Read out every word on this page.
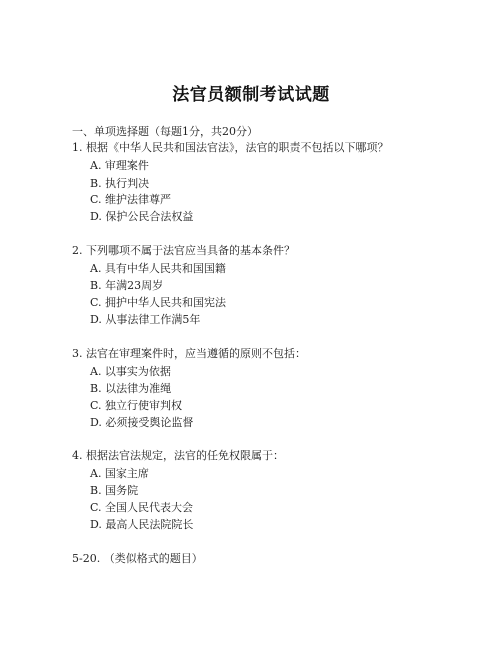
法官员额制考试试题
一、单项选择题（每题1分，共20分）
1. 根据《中华人民共和国法官法》，法官的职责不包括以下哪项？
A. 审理案件
B. 执行判决
C. 维护法律尊严
D. 保护公民合法权益
2. 下列哪项不属于法官应当具备的基本条件？
A. 具有中华人民共和国国籍
B. 年满23周岁
C. 拥护中华人民共和国宪法
D. 从事法律工作满5年
3. 法官在审理案件时，应当遵循的原则不包括：
A. 以事实为依据
B. 以法律为准绳
C. 独立行使审判权
D. 必须接受舆论监督
4. 根据法官法规定，法官的任免权限属于：
A. 国家主席
B. 国务院
C. 全国人民代表大会
D. 最高人民法院院长
5-20. （类似格式的题目）
